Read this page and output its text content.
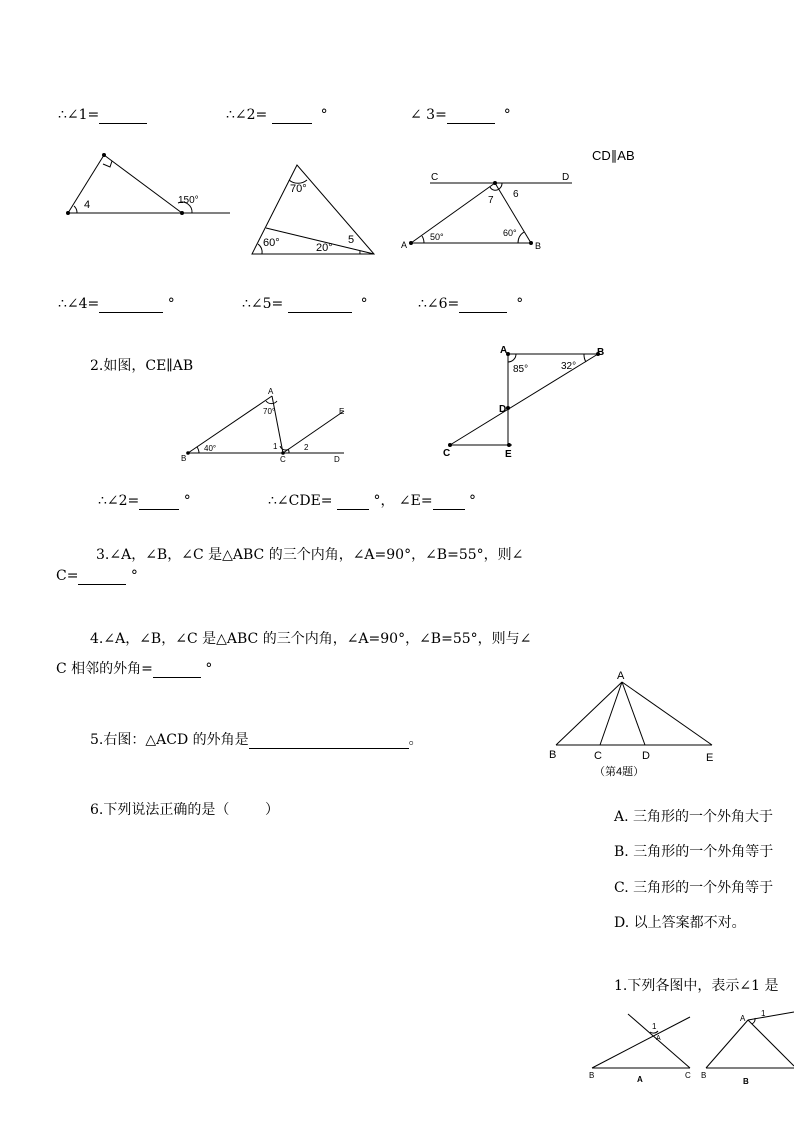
∴∠1=	∴∠2=	°	∠ 3=	°
CD∥AB
4	150°
70°
60°	20°
5
C	D
A	B
7
6
50°	60°
A
B	C	D
E
70°
40°	1	2
A	B
C
D
E
85°	32°
A
B	C	D	E
（第4题）
B	C
A
1
A
A
B
1
B
∴∠4=	°	∴∠5=	°	∴∠6=	°
2.如图，CE∥AB
∴∠2=	°	∴∠CDE=	°， ∠E=	°
3.∠A，∠B，∠C 是△ABC 的三个内角，∠A=90°，∠B=55°，则∠
C=	°
4.∠A，∠B，∠C 是△ABC 的三个内角，∠A=90°，∠B=55°，则与∠
C 相邻的外角=	°
5.右图：△ACD 的外角是	。
6.下列说法正确的是（        ）	A. 三角形的一个外角大于
B. 三角形的一个外角等于
C. 三角形的一个外角等于
D. 以上答案都不对。
1.下列各图中，表示∠1 是
